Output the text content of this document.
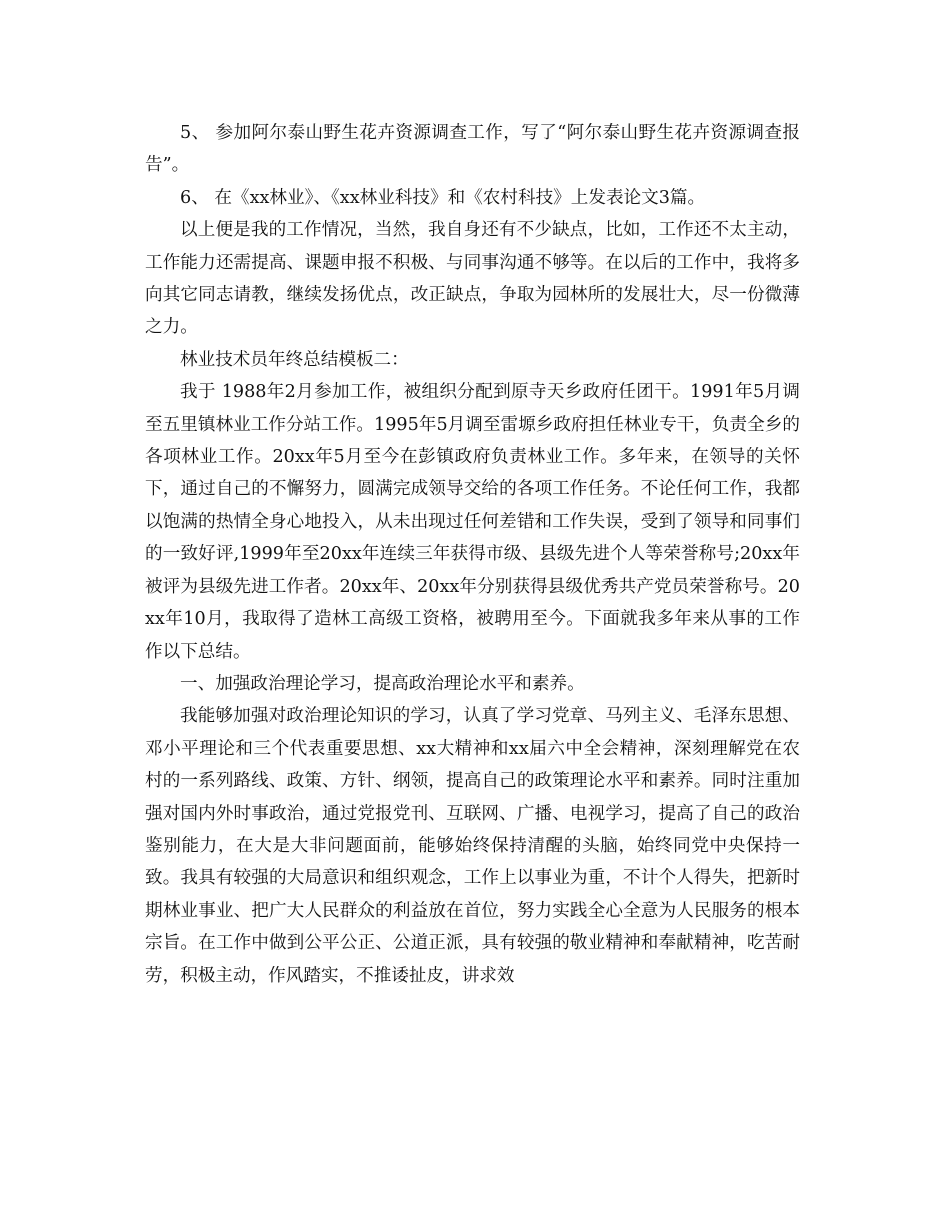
5、 参加阿尔泰山野生花卉资源调查工作，写了“阿尔泰山野生花卉资源调查报告”。

6、 在《xx林业》、《xx林业科技》和《农村科技》上发表论文3篇。

以上便是我的工作情况，当然，我自身还有不少缺点，比如，工作还不太主动，工作能力还需提高、课题申报不积极、与同事沟通不够等。在以后的工作中，我将多向其它同志请教，继续发扬优点，改正缺点，争取为园林所的发展壮大，尽一份微薄之力。

林业技术员年终总结模板二：

我于 1988年2月参加工作，被组织分配到原寺天乡政府任团干。1991年5月调至五里镇林业工作分站工作。1995年5月调至雷塬乡政府担任林业专干，负责全乡的各项林业工作。20xx年5月至今在彭镇政府负责林业工作。多年来，在领导的关怀下，通过自己的不懈努力，圆满完成领导交给的各项工作任务。不论任何工作，我都以饱满的热情全身心地投入，从未出现过任何差错和工作失误，受到了领导和同事们的一致好评,1999年至20xx年连续三年获得市级、县级先进个人等荣誉称号;20xx年被评为县级先进工作者。20xx年、20xx年分别获得县级优秀共产党员荣誉称号。20xx年10月，我取得了造林工高级工资格，被聘用至今。下面就我多年来从事的工作作以下总结。

一、加强政治理论学习，提高政治理论水平和素养。

我能够加强对政治理论知识的学习，认真了学习党章、马列主义、毛泽东思想、邓小平理论和三个代表重要思想、xx大精神和xx届六中全会精神，深刻理解党在农村的一系列路线、政策、方针、纲领，提高自己的政策理论水平和素养。同时注重加强对国内外时事政治，通过党报党刊、互联网、广播、电视学习，提高了自己的政治鉴别能力，在大是大非问题面前，能够始终保持清醒的头脑，始终同党中央保持一致。我具有较强的大局意识和组织观念，工作上以事业为重，不计个人得失，把新时期林业事业、把广大人民群众的利益放在首位，努力实践全心全意为人民服务的根本宗旨。在工作中做到公平公正、公道正派，具有较强的敬业精神和奉献精神，吃苦耐劳，积极主动，作风踏实，不推诿扯皮，讲求效
